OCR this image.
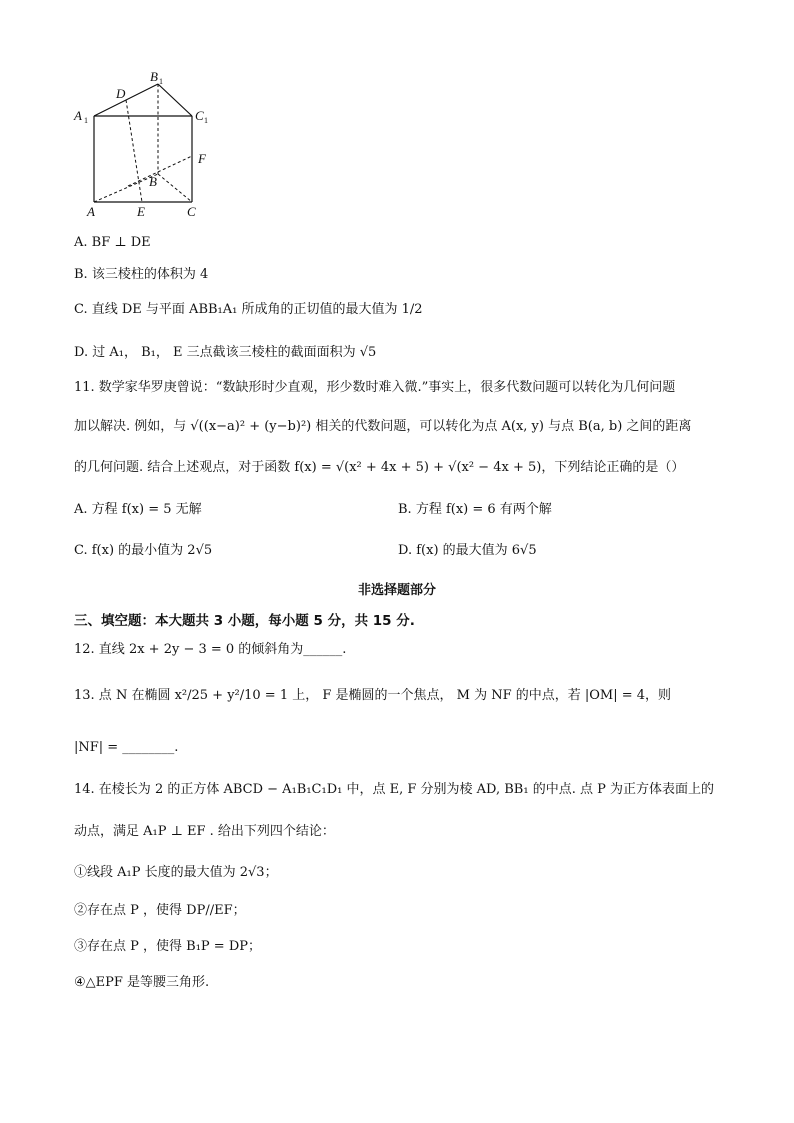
A 1
B 1
C 1
D
F
B
A	E	C
A. BF ⊥ DE
B. 该三棱柱的体积为 4
C. 直线 DE 与平面 ABB₁A₁ 所成角的正切值的最大值为 1/2
D. 过 A₁， B₁， E 三点截该三棱柱的截面面积为 √5
11. 数学家华罗庚曾说：“数缺形时少直观，形少数时难入微.”事实上，很多代数问题可以转化为几何问题
加以解决. 例如，与 √((x−a)² + (y−b)²) 相关的代数问题，可以转化为点 A(x, y) 与点 B(a, b) 之间的距离
的几何问题. 结合上述观点，对于函数 f(x) = √(x² + 4x + 5) + √(x² − 4x + 5)，下列结论正确的是（）
A. 方程 f(x) = 5 无解	B. 方程 f(x) = 6 有两个解
C. f(x) 的最小值为 2√5	D. f(x) 的最大值为 6√5
非选择题部分
三、填空题：本大题共 3 小题，每小题 5 分，共 15 分.
12. 直线 2x + 2y − 3 = 0 的倾斜角为______.
13. 点 N 在椭圆 x²/25 + y²/10 = 1 上， F 是椭圆的一个焦点， M 为 NF 的中点，若 |OM| = 4，则
|NF| = ________.
14. 在棱长为 2 的正方体 ABCD − A₁B₁C₁D₁ 中，点 E, F 分别为棱 AD, BB₁ 的中点. 点 P 为正方体表面上的
动点，满足 A₁P ⊥ EF . 给出下列四个结论：
①线段 A₁P 长度的最大值为 2√3；
②存在点 P ，使得 DP//EF；
③存在点 P ，使得 B₁P = DP；
④△EPF 是等腰三角形.
